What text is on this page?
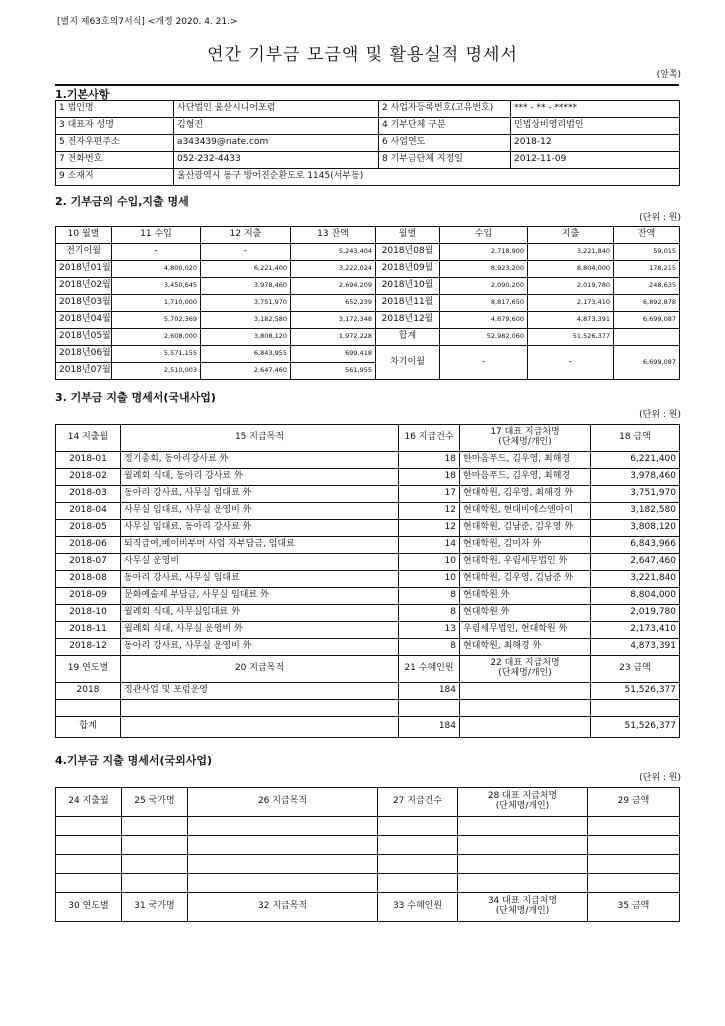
[별지 제63호의7서식] <개정 2020. 4. 21.>
연간 기부금 모금액 및 활용실적 명세서
(앞쪽)
1.기본사항
1 법인명	사단법인 울산시니어포럼	2 사업자등록번호(고유번호)	*** - ** - *****
3 대표자 성명	김형진	4 기부단체 구분	민법상비영리법인
5 전자우편주소	a343439@nate.com	6 사업연도	2018-12
7 전화번호	052-232-4433	8 기부금단체 지정일	2012-11-09
9 소재지	울산광역시 동구 방어진순환도로 1145(서부동)		
2. 기부금의 수입,지출 명세
(단위 : 원)
10 월별	11 수입	12 지출	13 잔액	월별	수입	지출	잔액
전기이월	-	-	5,243,404	2018년08월	2,718,900	3,221,840	59,015
2018년01월	4,800,020	6,221,400	3,222,024	2018년09월	8,923,200	8,804,000	178,215
2018년02월	3,450,645	3,978,460	2,694,209	2018년10월	2,090,200	2,019,780	248,635
2018년03월	1,710,000	3,751,970	652,239	2018년11월	8,817,650	2,173,410	6,892,878
2018년04월	5,702,369	3,182,580	3,172,348	2018년12월	4,679,600	4,873,391	6,699,087
2018년05월	2,608,000	3,808,120	1,972,228	합계	52,982,060	51,526,377	
2018년06월	5,571,155	6,843,955	699,418	차기이월	-	-	6,699,087
2018년07월	2,510,003	2,647,460	561,955				
3. 기부금 지출 명세서(국내사업)
(단위 : 원)
14 지출월	15 지급목적	16 지급건수	17 대표 지급처명
(단체명/개인)	18 금액
2018-01	정기총회, 동아리강사료 外	18	한마음푸드, 김우영, 최해경	6,221,400
2018-02	월례회 식대, 동아리 강사료 外	18	한마음푸드, 김우영, 최해경	3,978,460
2018-03	동아리 강사료, 사무실 임대료 外	17	현대학원, 김우영, 최해경 外	3,751,970
2018-04	사무실 임대료, 사무실 운영비 外	12	현대학원, 현대비에스앤아이	3,182,580
2018-05	사무실 임대료, 동아리 강사료 外	12	현대학원, 김남준, 김우영 外	3,808,120
2018-06	퇴직급여,베이비부머 사업 자부담금, 임대료	14	현대학원, 김미자 外	6,843,966
2018-07	사무실 운영비	10	현대학원, 우림세무법인 外	2,647,460
2018-08	동아리 강사료, 사무실 임대료	10	현대학원, 김우영, 김남준 外	3,221,840
2018-09	문화예술제 부담금, 사무실 임대료 外	8	현대학원 外	8,804,000
2018-10	월례회 식대, 사무실임대료 外	8	현대학원 外	2,019,780
2018-11	월례회 식대, 사무실 운영비 外	13	우림세무법인, 현대학원 外	2,173,410
2018-12	동아리 강사료, 사무실 운영비 外	8	현대학원, 최해경 外	4,873,391
19 연도별	20 지급목적	21 수혜인원	22 대표 지급처명
(단체명/개인)	23 금액
2018	정관사업 및 포럼운영	184		51,526,377

합계		184		51,526,377
4.기부금 지출 명세서(국외사업)
(단위 : 원)
24 지출월	25 국가명	26 지급목적	27 지급건수	28 대표 지급처명
(단체명/개인)	29 금액

30 연도별	31 국가명	32 지급목적	33 수혜인원	34 대표 지급처명
(단체명/개인)	35 금액
